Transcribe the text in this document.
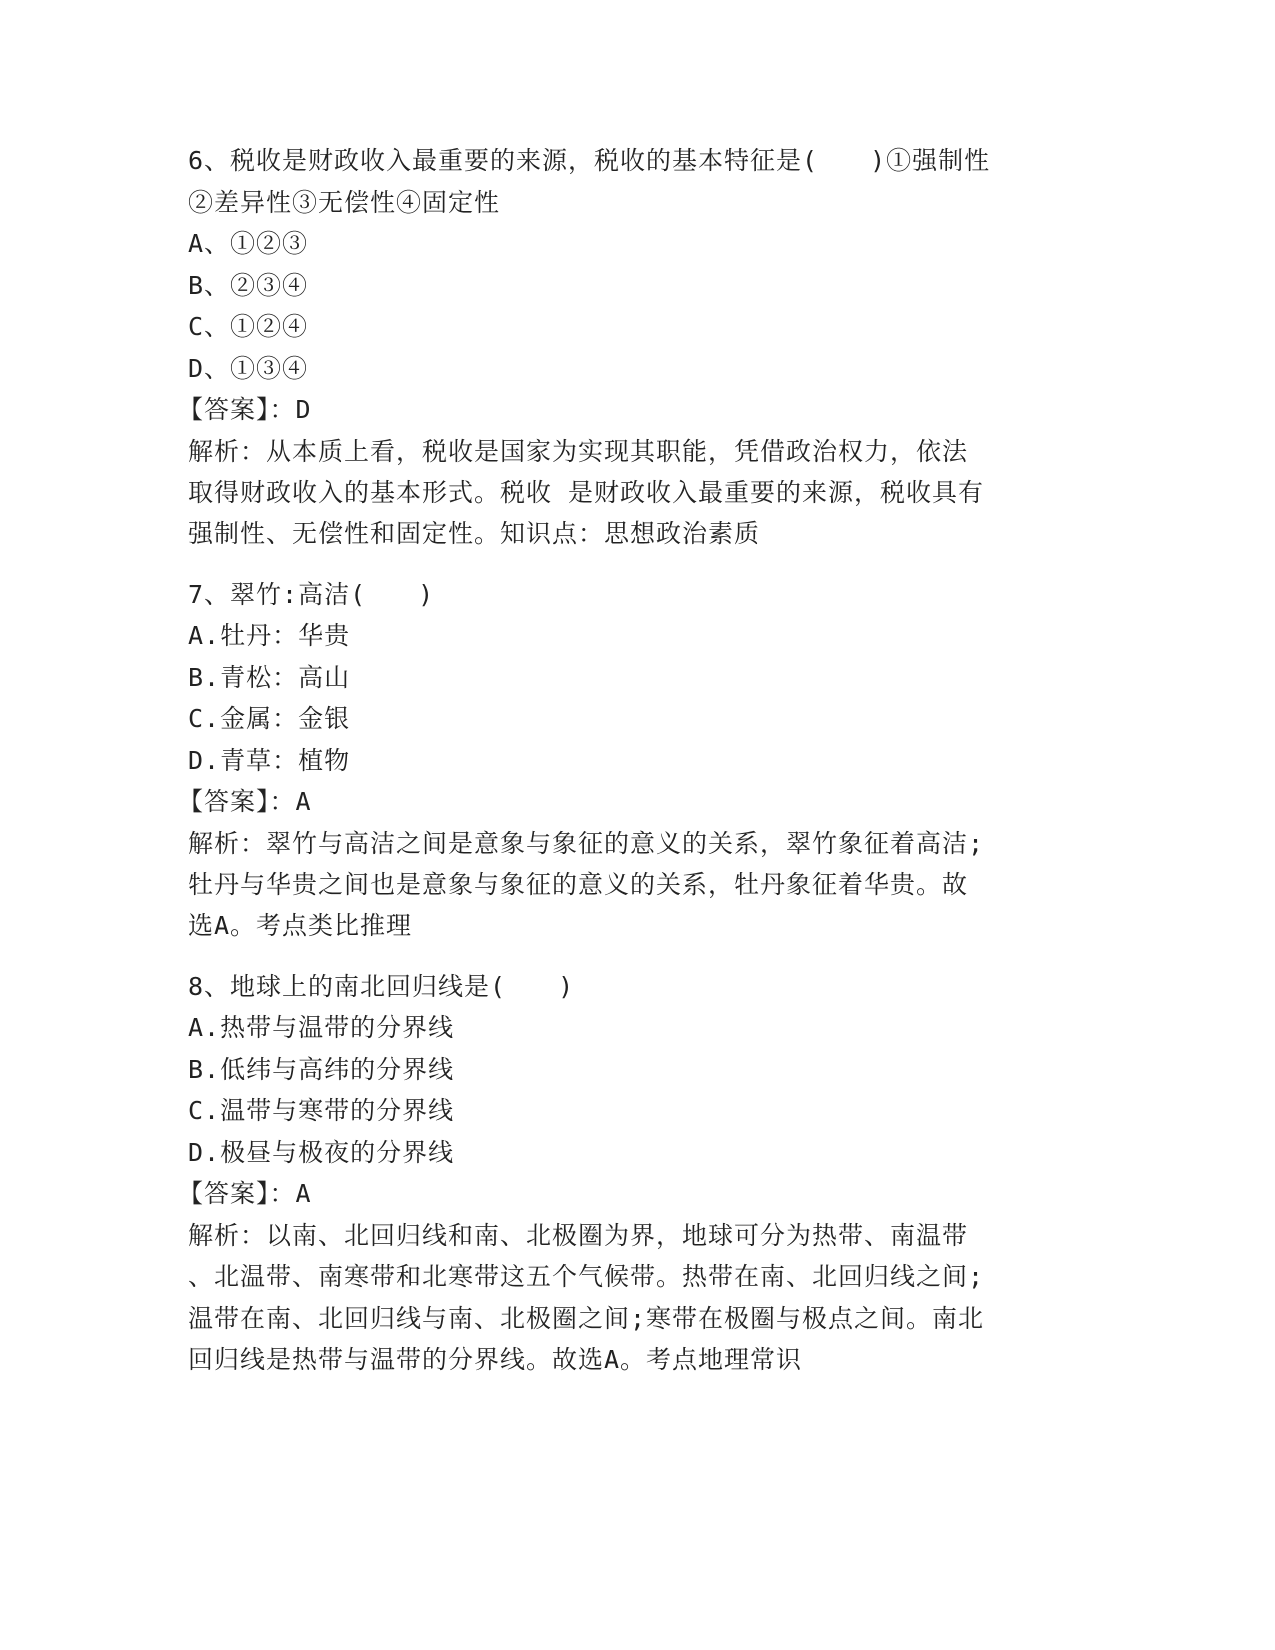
6、税收是财政收入最重要的来源，税收的基本特征是(　　)①强制性
②差异性③无偿性④固定性
A、①②③
B、②③④
C、①②④
D、①③④
【答案】：D
解析：从本质上看，税收是国家为实现其职能，凭借政治权力，依法
取得财政收入的基本形式。税收 是财政收入最重要的来源，税收具有
强制性、无偿性和固定性。知识点：思想政治素质
7、翠竹:高洁(　　)
A.牡丹：华贵
B.青松：高山
C.金属：金银
D.青草：植物
【答案】：A
解析：翠竹与高洁之间是意象与象征的意义的关系，翠竹象征着高洁;
牡丹与华贵之间也是意象与象征的意义的关系，牡丹象征着华贵。故
选A。考点类比推理
8、地球上的南北回归线是(　　)
A.热带与温带的分界线
B.低纬与高纬的分界线
C.温带与寒带的分界线
D.极昼与极夜的分界线
【答案】：A
解析：以南、北回归线和南、北极圈为界，地球可分为热带、南温带
、北温带、南寒带和北寒带这五个气候带。热带在南、北回归线之间;
温带在南、北回归线与南、北极圈之间;寒带在极圈与极点之间。南北
回归线是热带与温带的分界线。故选A。考点地理常识
